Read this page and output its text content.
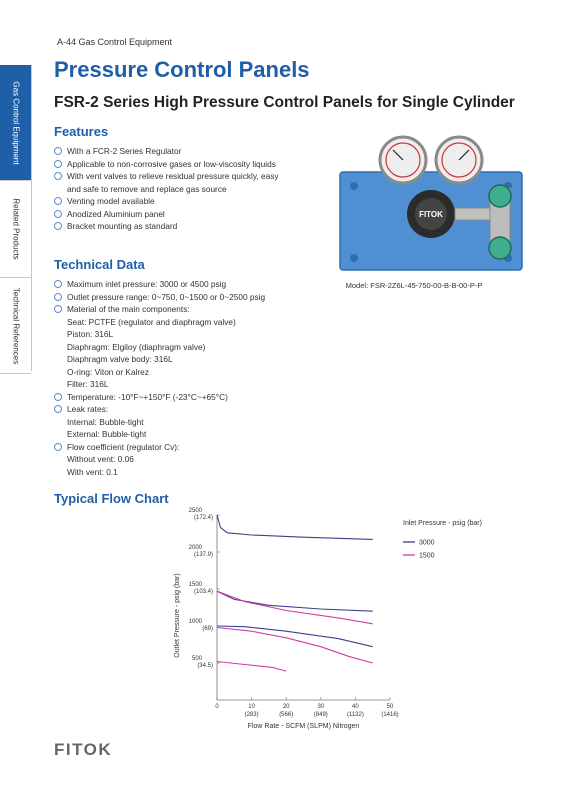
A-44 Gas Control Equipment
Gas Control Equipment
Related Products
Technical References
Pressure Control Panels
FSR-2 Series High Pressure Control Panels for Single Cylinder
Features
With a FCR-2 Series Regulator
Applicable to non-corrosive gases or low-viscosity liquids
With vent valves to relieve residual pressure quickly, easy
and safe to remove and replace gas source
Venting model available
Anodized Aluminium panel
Bracket mounting as standard
Technical Data
Maximum inlet pressure: 3000 or 4500 psig
Outlet pressure range: 0~750, 0~1500 or 0~2500 psig
Material of the main components:
Seat: PCTFE (regulator and diaphragm valve)
Piston: 316L
Diaphragm: Elgiloy (diaphragm valve)
Diaphragm valve body: 316L
O-ring: Viton or Kalrez
Filter: 316L
Temperature: -10°F~+150°F (-23°C~+65°C)
Leak rates:
Internal: Bubble-tight
External: Bubble-tight
Flow coefficient (regulator Cv):
Without vent: 0.06
With vent: 0.1
FITOK
Model: FSR-2Z6L-45-750-00-B-B-00-P-P
Typical Flow Chart
0	10
(283)
20
(566)
30
(849)
40
(1132)
50
(1416)
2500
(172.4)
2000
(137.9)
1500
(103.4)
1000
(69)
500
(34.5)
Outlet Pressure - psig (bar)
Flow Rate - SCFM (SLPM) Nitrogen
Inlet Pressure - psig (bar)
3000
1500
FITOK
